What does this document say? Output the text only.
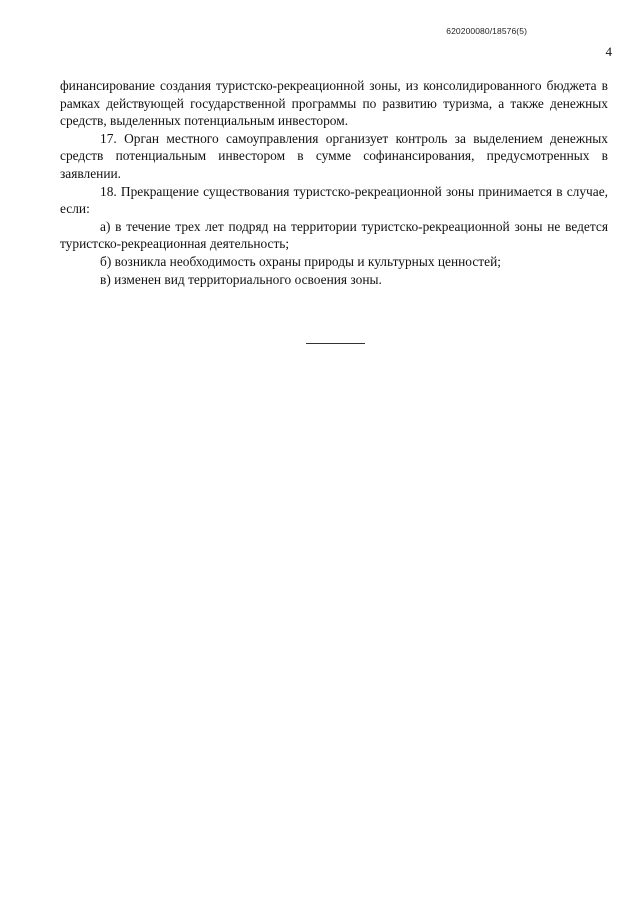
620200080/18576(5)
4

финансирование создания туристско-рекреационной зоны, из консолидированного бюджета в рамках действующей государственной программы по развитию туризма, а также денежных средств, выделенных потенциальным инвестором.

17. Орган местного самоуправления организует контроль за выделением денежных средств потенциальным инвестором в сумме софинансирования, предусмотренных в заявлении.

18. Прекращение существования туристско-рекреационной зоны принимается в случае, если:

а) в течение трех лет подряд на территории туристско-рекреационной зоны не ведется туристско-рекреационная деятельность;

б) возникла необходимость охраны природы и культурных ценностей;

в) изменен вид территориального освоения зоны.
